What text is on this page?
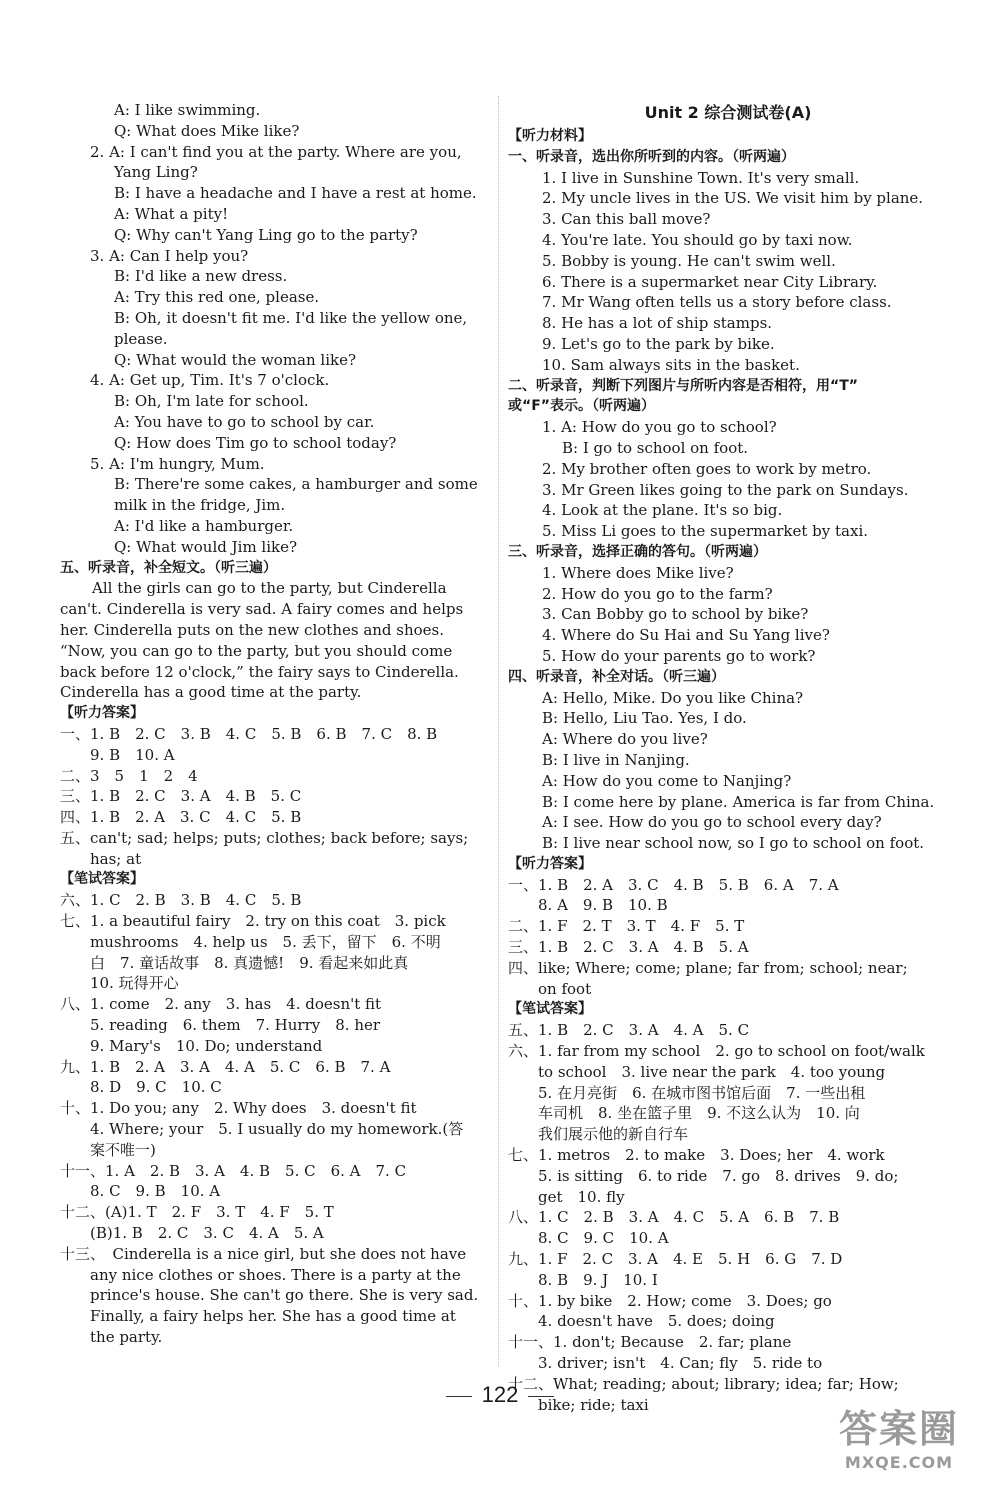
A: I like swimming.
Q: What does Mike like?
2. A: I can't find you at the party. Where are you,
Yang Ling?
B: I have a headache and I have a rest at home.
A: What a pity!
Q: Why can't Yang Ling go to the party?
3. A: Can I help you?
B: I'd like a new dress.
A: Try this red one, please.
B: Oh, it doesn't fit me. I'd like the yellow one,
please.
Q: What would the woman like?
4. A: Get up, Tim. It's 7 o'clock.
B: Oh, I'm late for school.
A: You have to go to school by car.
Q: How does Tim go to school today?
5. A: I'm hungry, Mum.
B: There're some cakes, a hamburger and some
milk in the fridge, Jim.
A: I'd like a hamburger.
Q: What would Jim like?
五、听录音，补全短文。（听三遍）
All the girls can go to the party, but Cinderella
can't. Cinderella is very sad. A fairy comes and helps
her. Cinderella puts on the new clothes and shoes.
“Now, you can go to the party, but you should come
back before 12 o'clock,” the fairy says to Cinderella.
Cinderella has a good time at the party.
【听力答案】
一、1. B　2. C　3. B　4. C　5. B　6. B　7. C　8. B
9. B　10. A
二、3　5　1　2　4
三、1. B　2. C　3. A　4. B　5. C
四、1. B　2. A　3. C　4. C　5. B
五、can't; sad; helps; puts; clothes; back before; says;
has; at
【笔试答案】
六、1. C　2. B　3. B　4. C　5. B
七、1. a beautiful fairy　2. try on this coat　3. pick
mushrooms　4. help us　5. 丢下，留下　6. 不明
白　7. 童话故事　8. 真遗憾!　9. 看起来如此真
10. 玩得开心
八、1. come　2. any　3. has　4. doesn't fit
5. reading　6. them　7. Hurry　8. her
9. Mary's　10. Do; understand
九、1. B　2. A　3. A　4. A　5. C　6. B　7. A
8. D　9. C　10. C
十、1. Do you; any　2. Why does　3. doesn't fit
4. Where; your　5. I usually do my homework.(答
案不唯一)
十一、1. A　2. B　3. A　4. B　5. C　6. A　7. C
8. C　9. B　10. A
十二、(A)1. T　2. F　3. T　4. F　5. T
(B)1. B　2. C　3. C　4. A　5. A
十三、　Cinderella is a nice girl, but she does not have
any nice clothes or shoes. There is a party at the
prince's house. She can't go there. She is very sad.
Finally, a fairy helps her. She has a good time at
the party.
Unit 2 综合测试卷(A)
【听力材料】
一、听录音，选出你所听到的内容。（听两遍）
1. I live in Sunshine Town. It's very small.
2. My uncle lives in the US. We visit him by plane.
3. Can this ball move?
4. You're late. You should go by taxi now.
5. Bobby is young. He can't swim well.
6. There is a supermarket near City Library.
7. Mr Wang often tells us a story before class.
8. He has a lot of ship stamps.
9. Let's go to the park by bike.
10. Sam always sits in the basket.
二、听录音，判断下列图片与所听内容是否相符，用“T”
或“F”表示。（听两遍）
1. A: How do you go to school?
B: I go to school on foot.
2. My brother often goes to work by metro.
3. Mr Green likes going to the park on Sundays.
4. Look at the plane. It's so big.
5. Miss Li goes to the supermarket by taxi.
三、听录音，选择正确的答句。（听两遍）
1. Where does Mike live?
2. How do you go to the farm?
3. Can Bobby go to school by bike?
4. Where do Su Hai and Su Yang live?
5. How do your parents go to work?
四、听录音，补全对话。（听三遍）
A: Hello, Mike. Do you like China?
B: Hello, Liu Tao. Yes, I do.
A: Where do you live?
B: I live in Nanjing.
A: How do you come to Nanjing?
B: I come here by plane. America is far from China.
A: I see. How do you go to school every day?
B: I live near school now, so I go to school on foot.
【听力答案】
一、1. B　2. A　3. C　4. B　5. B　6. A　7. A
8. A　9. B　10. B
二、1. F　2. T　3. T　4. F　5. T
三、1. B　2. C　3. A　4. B　5. A
四、like; Where; come; plane; far from; school; near;
on foot
【笔试答案】
五、1. B　2. C　3. A　4. A　5. C
六、1. far from my school　2. go to school on foot/walk
to school　3. live near the park　4. too young
5. 在月亮街　6. 在城市图书馆后面　7. 一些出租
车司机　8. 坐在篮子里　9. 不这么认为　10. 向
我们展示他的新自行车
七、1. metros　2. to make　3. Does; her　4. work
5. is sitting　6. to ride　7. go　8. drives　9. do;
get　10. fly
八、1. C　2. B　3. A　4. C　5. A　6. B　7. B
8. C　9. C　10. A
九、1. F　2. C　3. A　4. E　5. H　6. G　7. D
8. B　9. J　10. I
十、1. by bike　2. How; come　3. Does; go
4. doesn't have　5. does; doing
十一、1. don't; Because　2. far; plane
3. driver; isn't　4. Can; fly　5. ride to
十二、What; reading; about; library; idea; far; How;
bike; ride; taxi
122
答案圈
MXQE.COM
